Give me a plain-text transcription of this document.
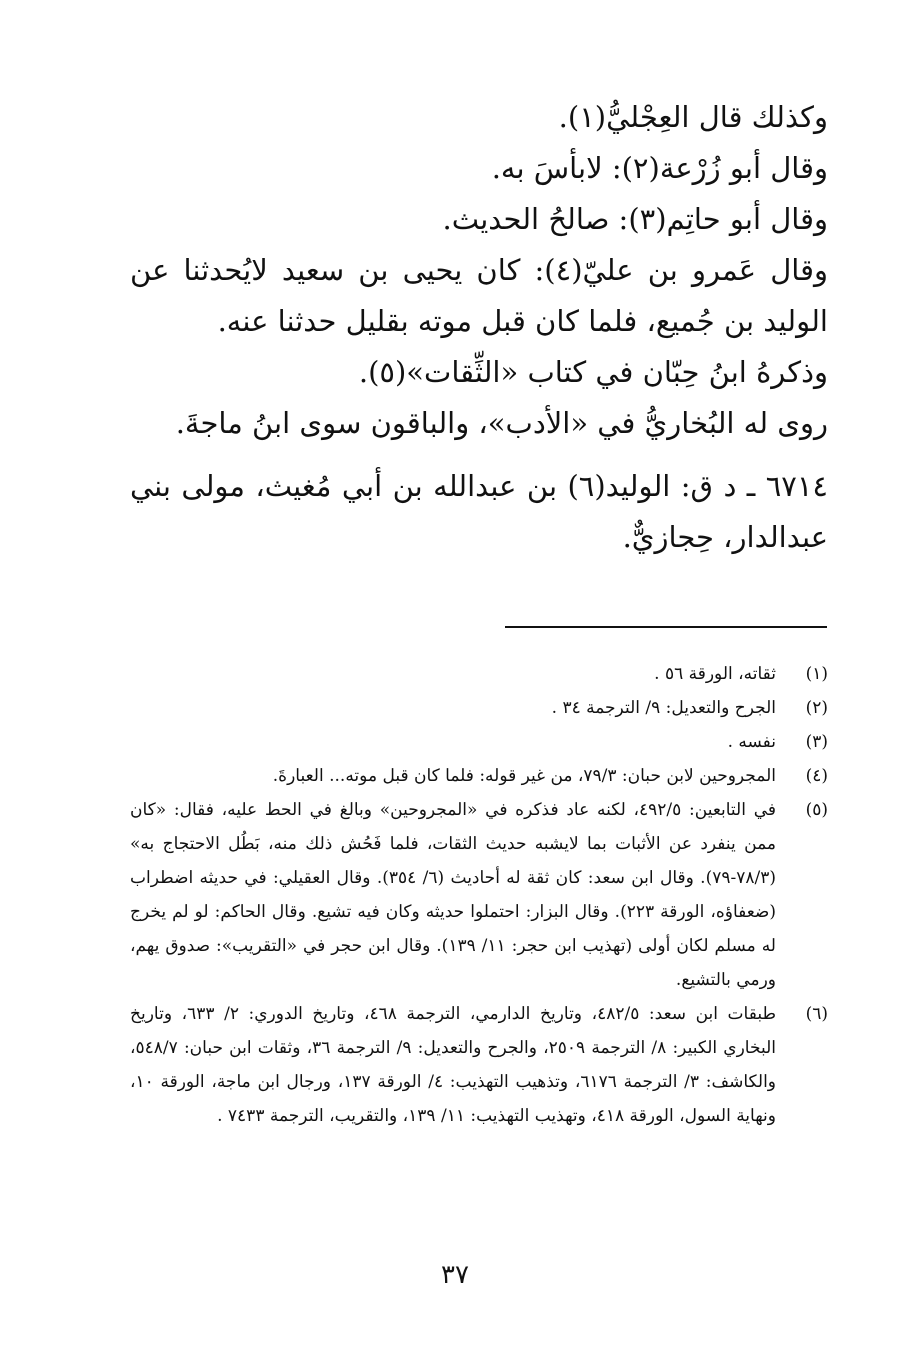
وكذلك قال العِجْليُّ(١).

وقال أبو زُرْعة(٢): لابأسَ به.

وقال أبو حاتِم(٣): صالحُ الحديث.

وقال عَمرو بن عليّ(٤): كان يحيى بن سعيد لايُحدثنا عن الوليد بن جُميع، فلما كان قبل موته بقليل حدثنا عنه.

وذكرهُ ابنُ حِبّان في كتاب «الثِّقات»(٥).

روى له البُخاريُّ في «الأدب»، والباقون سوى ابنُ ماجةَ.

٦٧١٤ ـ د ق: الوليد(٦) بن عبدالله بن أبي مُغيث، مولى بني عبدالدار، حِجازيٌّ.

(١)
ثقاته، الورقة ٥٦ .
(٢)
الجرح والتعديل: ٩/ الترجمة ٣٤ .
(٣)
نفسه .
(٤)
المجروحين لابن حبان: ٧٩/٣، من غير قوله: فلما كان قبل موته... العبارةَ.
(٥)
في التابعين: ٤٩٢/٥، لكنه عاد فذكره في «المجروحين» وبالغ في الحط عليه، فقال: «كان ممن ينفرد عن الأثبات بما لايشبه حديث الثقات، فلما فَحُش ذلك منه، بَطُل الاحتجاج به» (٧٨/٣-٧٩). وقال ابن سعد: كان ثقة له أحاديث (٦/ ٣٥٤). وقال العقيلي: في حديثه اضطراب (ضعفاؤه، الورقة ٢٢٣). وقال البزار: احتملوا حديثه وكان فيه تشيع. وقال الحاكم: لو لم يخرج له مسلم لكان أولى (تهذيب ابن حجر: ١١/ ١٣٩). وقال ابن حجر في «التقريب»: صدوق يهم، ورمي بالتشيع.
(٦)
طبقات ابن سعد: ٤٨٢/٥، وتاريخ الدارمي، الترجمة ٤٦٨، وتاريخ الدوري: ٢/ ٦٣٣، وتاريخ البخاري الكبير: ٨/ الترجمة ٢٥٠٩، والجرح والتعديل: ٩/ الترجمة ٣٦، وثقات ابن حبان: ٥٤٨/٧، والكاشف: ٣/ الترجمة ٦١٧٦، وتذهيب التهذيب: ٤/ الورقة ١٣٧، ورجال ابن ماجة، الورقة ١٠، ونهاية السول، الورقة ٤١٨، وتهذيب التهذيب: ١١/ ١٣٩، والتقريب، الترجمة ٧٤٣٣ .
٣٧
